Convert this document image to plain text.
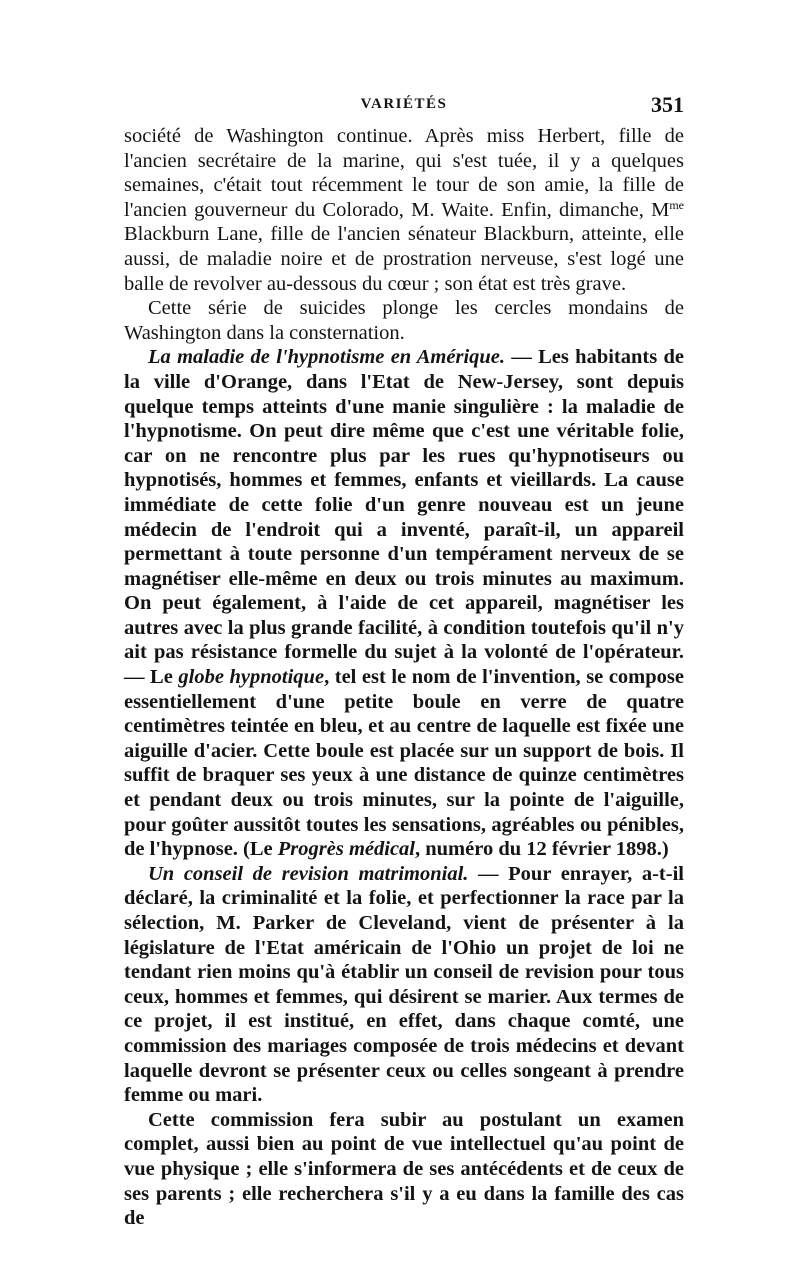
VARIÉTÉS	351

société de Washington continue. Après miss Herbert, fille de l'ancien secrétaire de la marine, qui s'est tuée, il y a quelques semaines, c'était tout récemment le tour de son amie, la fille de l'ancien gouverneur du Colorado, M. Waite. Enfin, dimanche, $M^{me}$ Blackburn Lane, fille de l'ancien sénateur Blackburn, atteinte, elle aussi, de maladie noire et de prostration nerveuse, s'est logé une balle de revolver au-dessous du cœur ; son état est très grave.

Cette série de suicides plonge les cercles mondains de Washington dans la consternation.

La maladie de l'hypnotisme en Amérique. — Les habitants de la ville d'Orange, dans l'Etat de New-Jersey, sont depuis quelque temps atteints d'une manie singulière : la maladie de l'hypnotisme. On peut dire même que c'est une véritable folie, car on ne rencontre plus par les rues qu'hypnotiseurs ou hypnotisés, hommes et femmes, enfants et vieillards. La cause immédiate de cette folie d'un genre nouveau est un jeune médecin de l'endroit qui a inventé, paraît-il, un appareil permettant à toute personne d'un tempérament nerveux de se magnétiser elle-même en deux ou trois minutes au maximum. On peut également, à l'aide de cet appareil, magnétiser les autres avec la plus grande facilité, à condition toutefois qu'il n'y ait pas résistance formelle du sujet à la volonté de l'opérateur. — Le globe hypnotique, tel est le nom de l'invention, se compose essentiellement d'une petite boule en verre de quatre centimètres teintée en bleu, et au centre de laquelle est fixée une aiguille d'acier. Cette boule est placée sur un support de bois. Il suffit de braquer ses yeux à une distance de quinze centimètres et pendant deux ou trois minutes, sur la pointe de l'aiguille, pour goûter aussitôt toutes les sensations, agréables ou pénibles, de l'hypnose. (Le Progrès médical, numéro du 12 février 1898.)

Un conseil de revision matrimonial. — Pour enrayer, a-t-il déclaré, la criminalité et la folie, et perfectionner la race par la sélection, M. Parker de Cleveland, vient de présenter à la législature de l'Etat américain de l'Ohio un projet de loi ne tendant rien moins qu'à établir un conseil de revision pour tous ceux, hommes et femmes, qui désirent se marier. Aux termes de ce projet, il est institué, en effet, dans chaque comté, une commission des mariages composée de trois médecins et devant laquelle devront se présenter ceux ou celles songeant à prendre femme ou mari.

Cette commission fera subir au postulant un examen complet, aussi bien au point de vue intellectuel qu'au point de vue physique ; elle s'informera de ses antécédents et de ceux de ses parents ; elle recherchera s'il y a eu dans la famille des cas de
